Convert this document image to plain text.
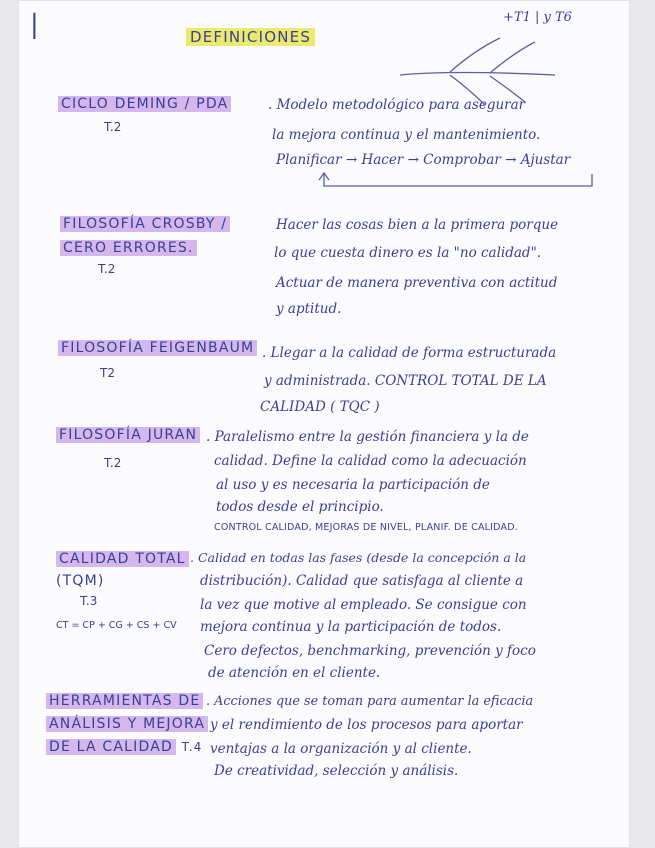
|	+T1 | y T6
DEFINICIONES
CICLO DEMING / PDA
T.2
. Modelo metodológico para asegurar
la mejora continua y el mantenimiento.
Planificar → Hacer → Comprobar → Ajustar
FILOSOFÍA CROSBY /
CERO ERRORES.
T.2
Hacer las cosas bien a la primera porque
lo que cuesta dinero es la "no calidad".
Actuar de manera preventiva con actitud
y aptitud.
FILOSOFÍA FEIGENBAUM
T2
. Llegar a la calidad de forma estructurada
y administrada. CONTROL TOTAL DE LA
CALIDAD ( TQC )
FILOSOFÍA JURAN
T.2
. Paralelismo entre la gestión financiera y la de
calidad. Define la calidad como la adecuación
al uso y es necesaria la participación de
todos desde el principio.
CONTROL CALIDAD, MEJORAS DE NIVEL, PLANIF. DE CALIDAD.
CALIDAD TOTAL
(TQM)
T.3
CT = CP + CG + CS + CV
. Calidad en todas las fases (desde la concepción a la
distribución). Calidad que satisfaga al cliente a
la vez que motive al empleado. Se consigue con
mejora continua y la participación de todos.
Cero defectos, benchmarking, prevención y foco
de atención en el cliente.
HERRAMIENTAS DE
ANÁLISIS Y MEJORA
DE LA CALIDAD T.4
. Acciones que se toman para aumentar la eficacia
y el rendimiento de los procesos para aportar
ventajas a la organización y al cliente.
De creatividad, selección y análisis.
